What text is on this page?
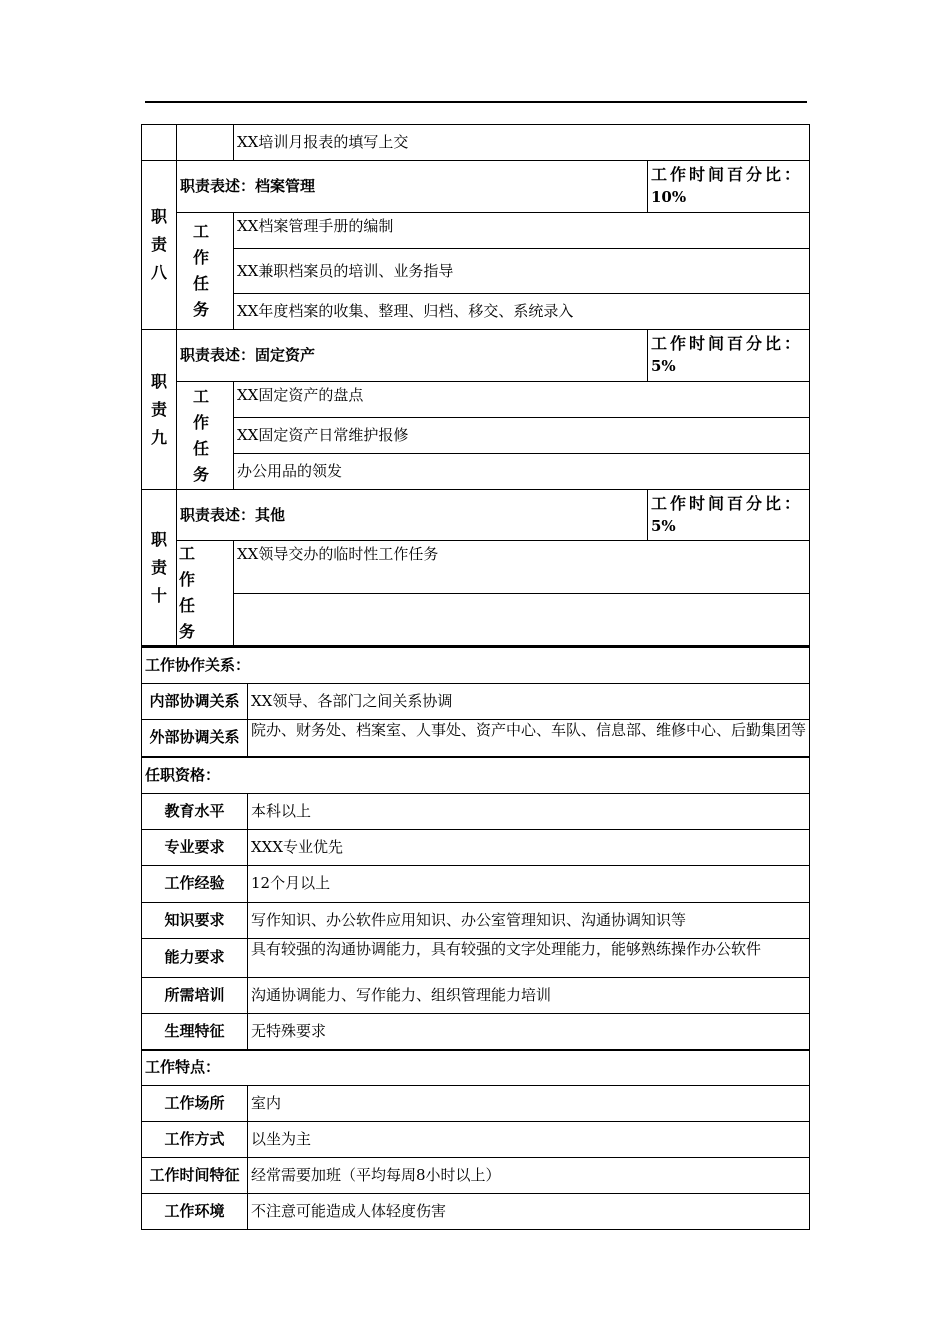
		XX培训月报表的填写上交	
职责八	职责表述：档案管理		工作时间百分比：
10%
	工 作 任 务	XX档案管理手册的编制	
		XX兼职档案员的培训、业务指导	
		XX年度档案的收集、整理、归档、移交、系统录入	
职责九	职责表述：固定资产		工作时间百分比：
5%
	工 作 任 务	XX固定资产的盘点	
		XX固定资产日常维护报修	
		办公用品的领发	
职责十	职责表述：其他		工作时间百分比：
5%
	工 作 任 务	XX领导交办的临时性工作任务	

工作协作关系：	
内部协调关系	XX领导、各部门之间关系协调
外部协调关系	院办、财务处、档案室、人事处、资产中心、车队、信息部、维修中心、后勤集团等
任职资格：	
教育水平	本科以上
专业要求	XXX专业优先
工作经验	12个月以上
知识要求	写作知识、办公软件应用知识、办公室管理知识、沟通协调知识等
能力要求	具有较强的沟通协调能力，具有较强的文字处理能力，能够熟练操作办公软件
所需培训	沟通协调能力、写作能力、组织管理能力培训
生理特征	无特殊要求
工作特点：	
工作场所	室内
工作方式	以坐为主
工作时间特征	经常需要加班（平均每周8小时以上）
工作环境	不注意可能造成人体轻度伤害
